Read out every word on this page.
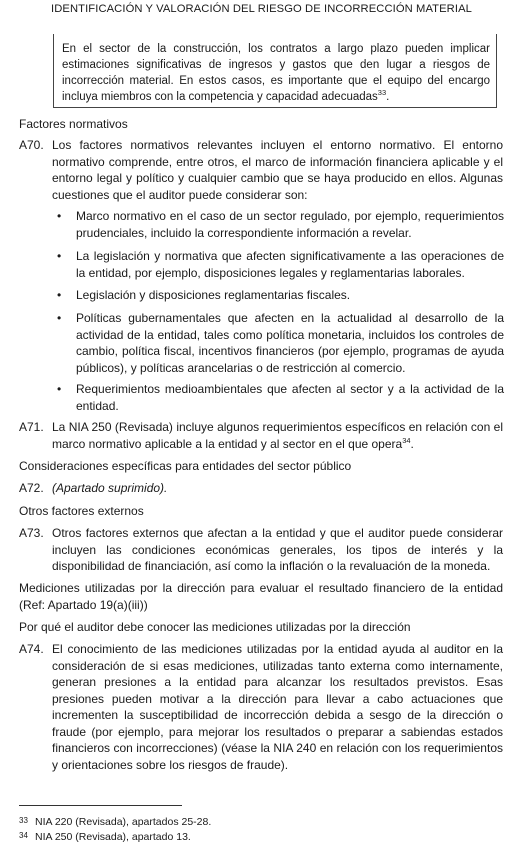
IDENTIFICACIÓN Y VALORACIÓN DEL RIESGO DE INCORRECCIÓN MATERIAL
En el sector de la construcción, los contratos a largo plazo pueden implicar estimaciones significativas de ingresos y gastos que den lugar a riesgos de incorrección material. En estos casos, es importante que el equipo del encargo incluya miembros con la competencia y capacidad adecuadas$^{33}$.
Factores normativos
A70. Los factores normativos relevantes incluyen el entorno normativo. El entorno normativo comprende, entre otros, el marco de información financiera aplicable y el entorno legal y político y cualquier cambio que se haya producido en ellos. Algunas cuestiones que el auditor puede considerar son:
• Marco normativo en el caso de un sector regulado, por ejemplo, requerimientos prudenciales, incluido la correspondiente información a revelar.
• La legislación y normativa que afecten significativamente a las operaciones de la entidad, por ejemplo, disposiciones legales y reglamentarias laborales.
• Legislación y disposiciones reglamentarias fiscales.
• Políticas gubernamentales que afecten en la actualidad al desarrollo de la actividad de la entidad, tales como política monetaria, incluidos los controles de cambio, política fiscal, incentivos financieros (por ejemplo, programas de ayuda públicos), y políticas arancelarias o de restricción al comercio.
• Requerimientos medioambientales que afecten al sector y a la actividad de la entidad.
A71. La NIA 250 (Revisada) incluye algunos requerimientos específicos en relación con el marco normativo aplicable a la entidad y al sector en el que opera$^{34}$.
Consideraciones específicas para entidades del sector público
A72. (Apartado suprimido).
Otros factores externos
A73. Otros factores externos que afectan a la entidad y que el auditor puede considerar incluyen las condiciones económicas generales, los tipos de interés y la disponibilidad de financiación, así como la inflación o la revaluación de la moneda.
Mediciones utilizadas por la dirección para evaluar el resultado financiero de la entidad (Ref: Apartado 19(a)(iii))
Por qué el auditor debe conocer las mediciones utilizadas por la dirección
A74. El conocimiento de las mediciones utilizadas por la entidad ayuda al auditor en la consideración de si esas mediciones, utilizadas tanto externa como internamente, generan presiones a la entidad para alcanzar los resultados previstos. Esas presiones pueden motivar a la dirección para llevar a cabo actuaciones que incrementen la susceptibilidad de incorrección debida a sesgo de la dirección o fraude (por ejemplo, para mejorar los resultados o preparar a sabiendas estados financieros con incorrecciones) (véase la NIA 240 en relación con los requerimientos y orientaciones sobre los riesgos de fraude).
33 NIA 220 (Revisada), apartados 25-28.
34 NIA 250 (Revisada), apartado 13.
